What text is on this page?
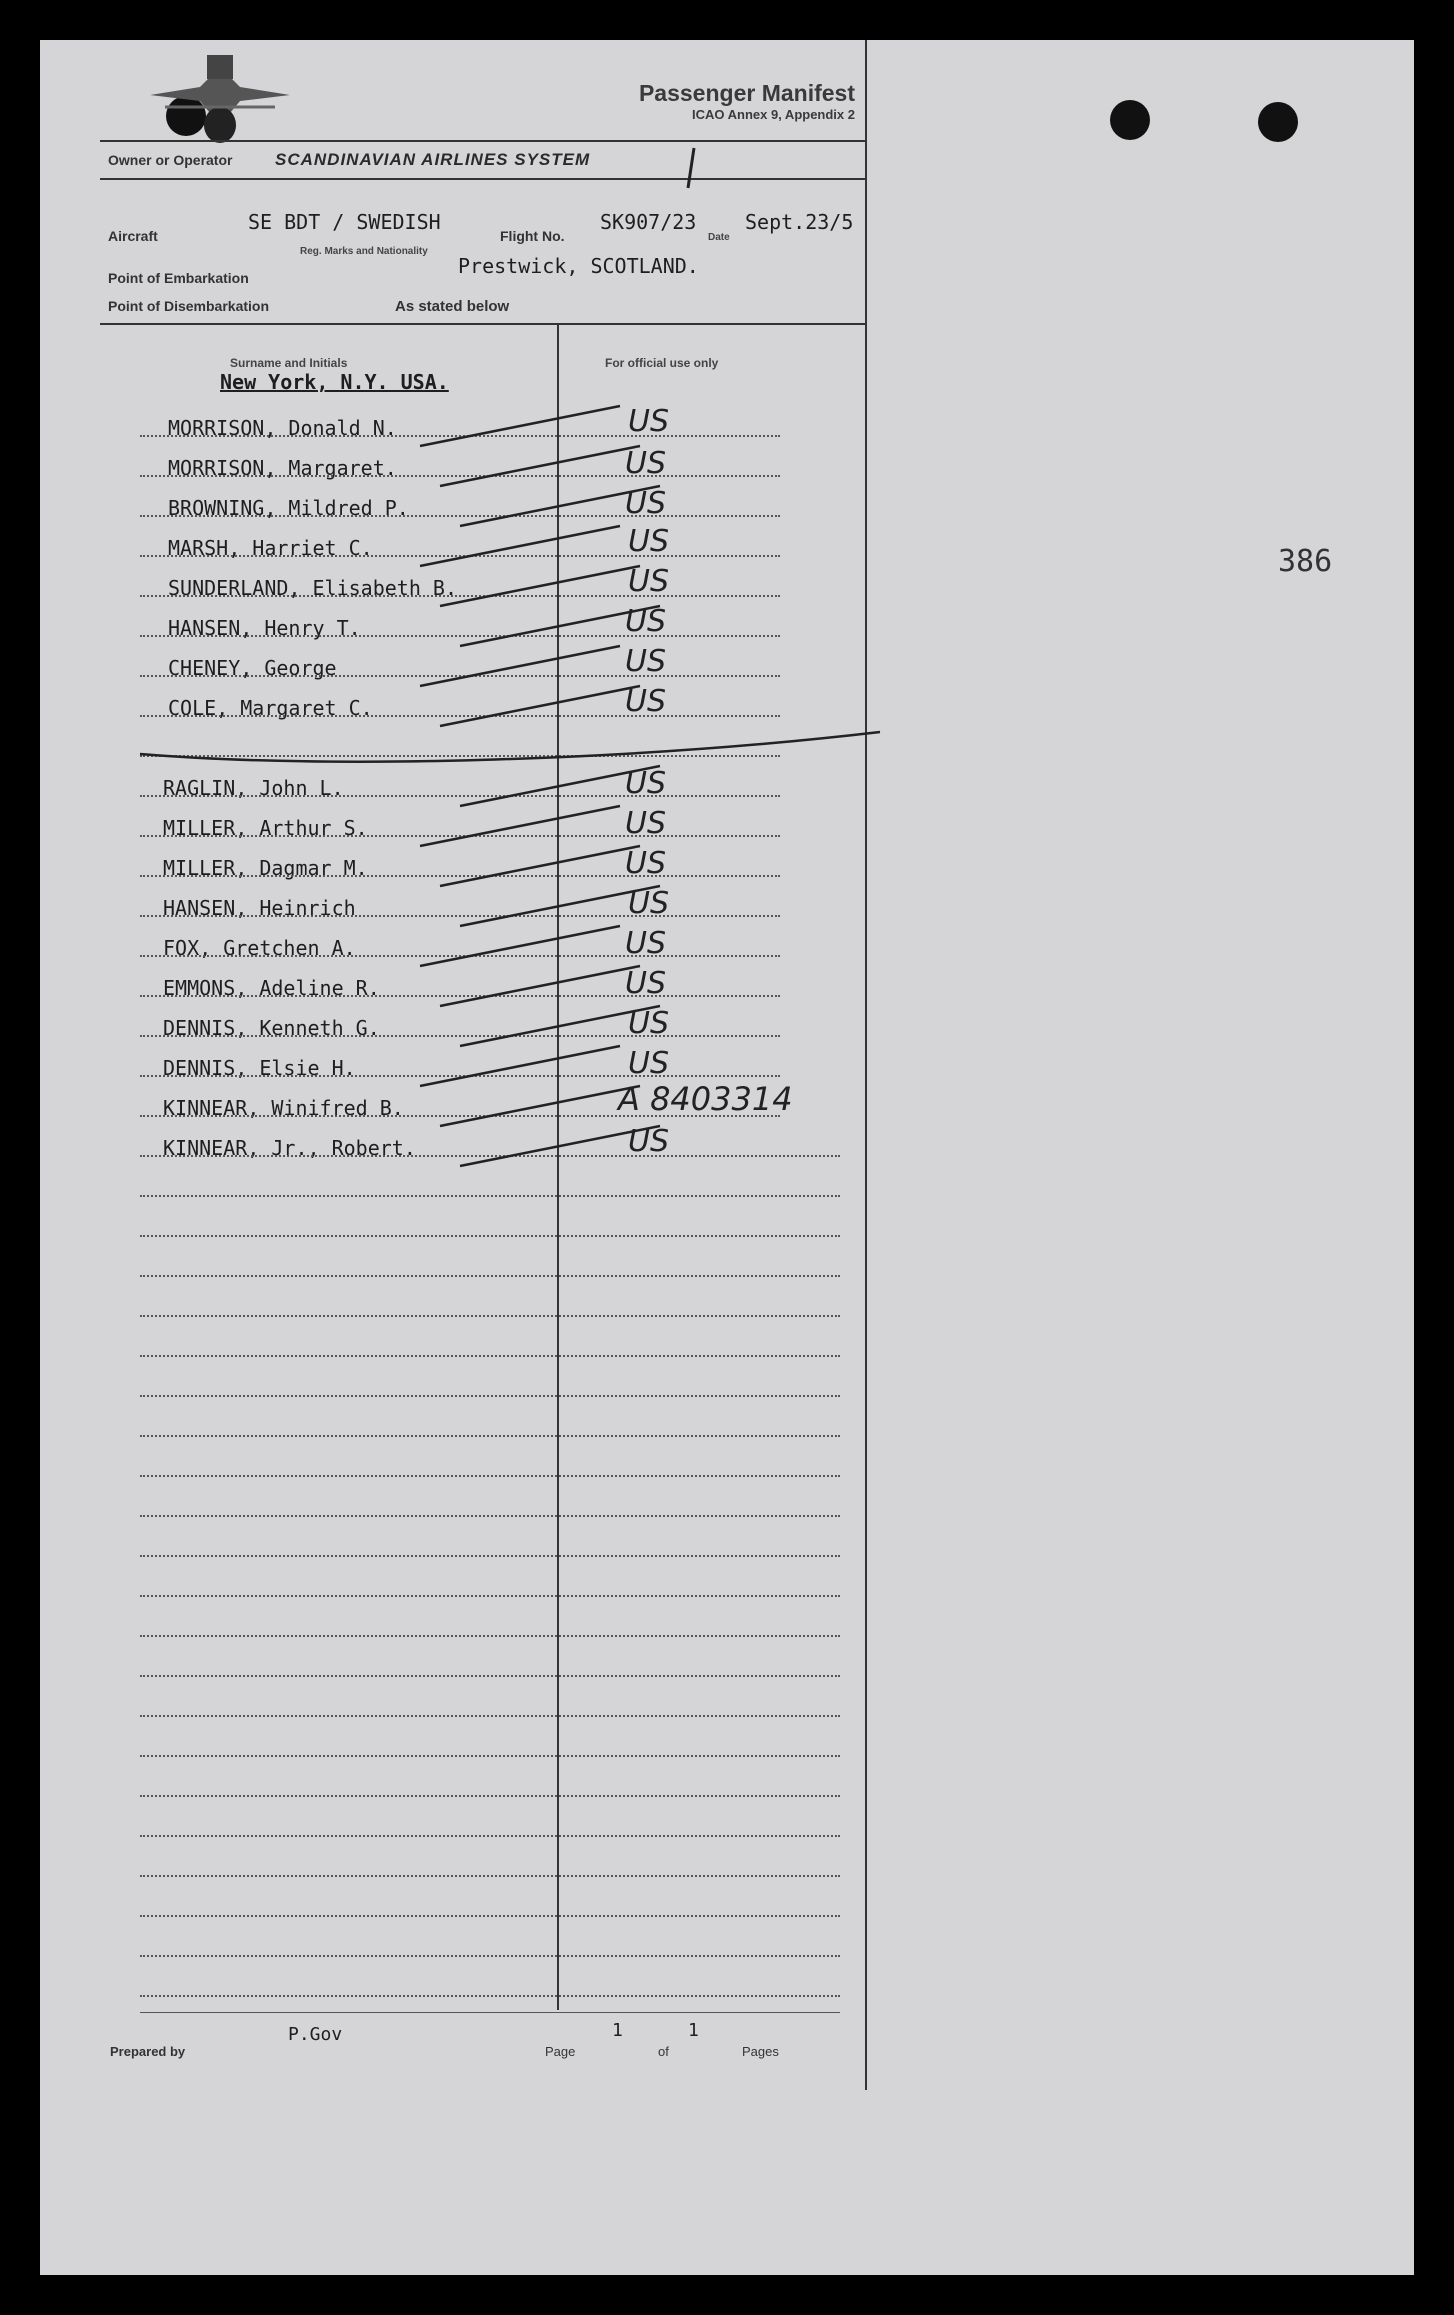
Passenger Manifest
ICAO Annex 9, Appendix 2
Owner or Operator	SCANDINAVIAN AIRLINES SYSTEM
Aircraft
SE BDT / SWEDISH
Reg. Marks and Nationality
Flight No.
SK907/23
Date
Sept.23/5
Point of Embarkation	Prestwick, SCOTLAND.
Point of Disembarkation	As stated below
Surname and Initials	For official use only
New York, N.Y. USA.
MORRISON, Donald N.	US
MORRISON, Margaret.	US
BROWNING, Mildred P.	US
MARSH, Harriet C.	US
SUNDERLAND, Elisabeth B.	US
HANSEN, Henry T.	US
CHENEY, George	US
COLE, Margaret C.	US
RAGLIN, John L.	US
MILLER, Arthur S.	US
MILLER, Dagmar M.	US
HANSEN, Heinrich	US
FOX, Gretchen A.	US
EMMONS, Adeline R.	US
DENNIS, Kenneth G.	US
DENNIS, Elsie H.	US
KINNEAR, Winifred B.	A 8403314
KINNEAR, Jr., Robert.	US
Prepared by
P.Gov
Page
1
of
1
Pages
386
